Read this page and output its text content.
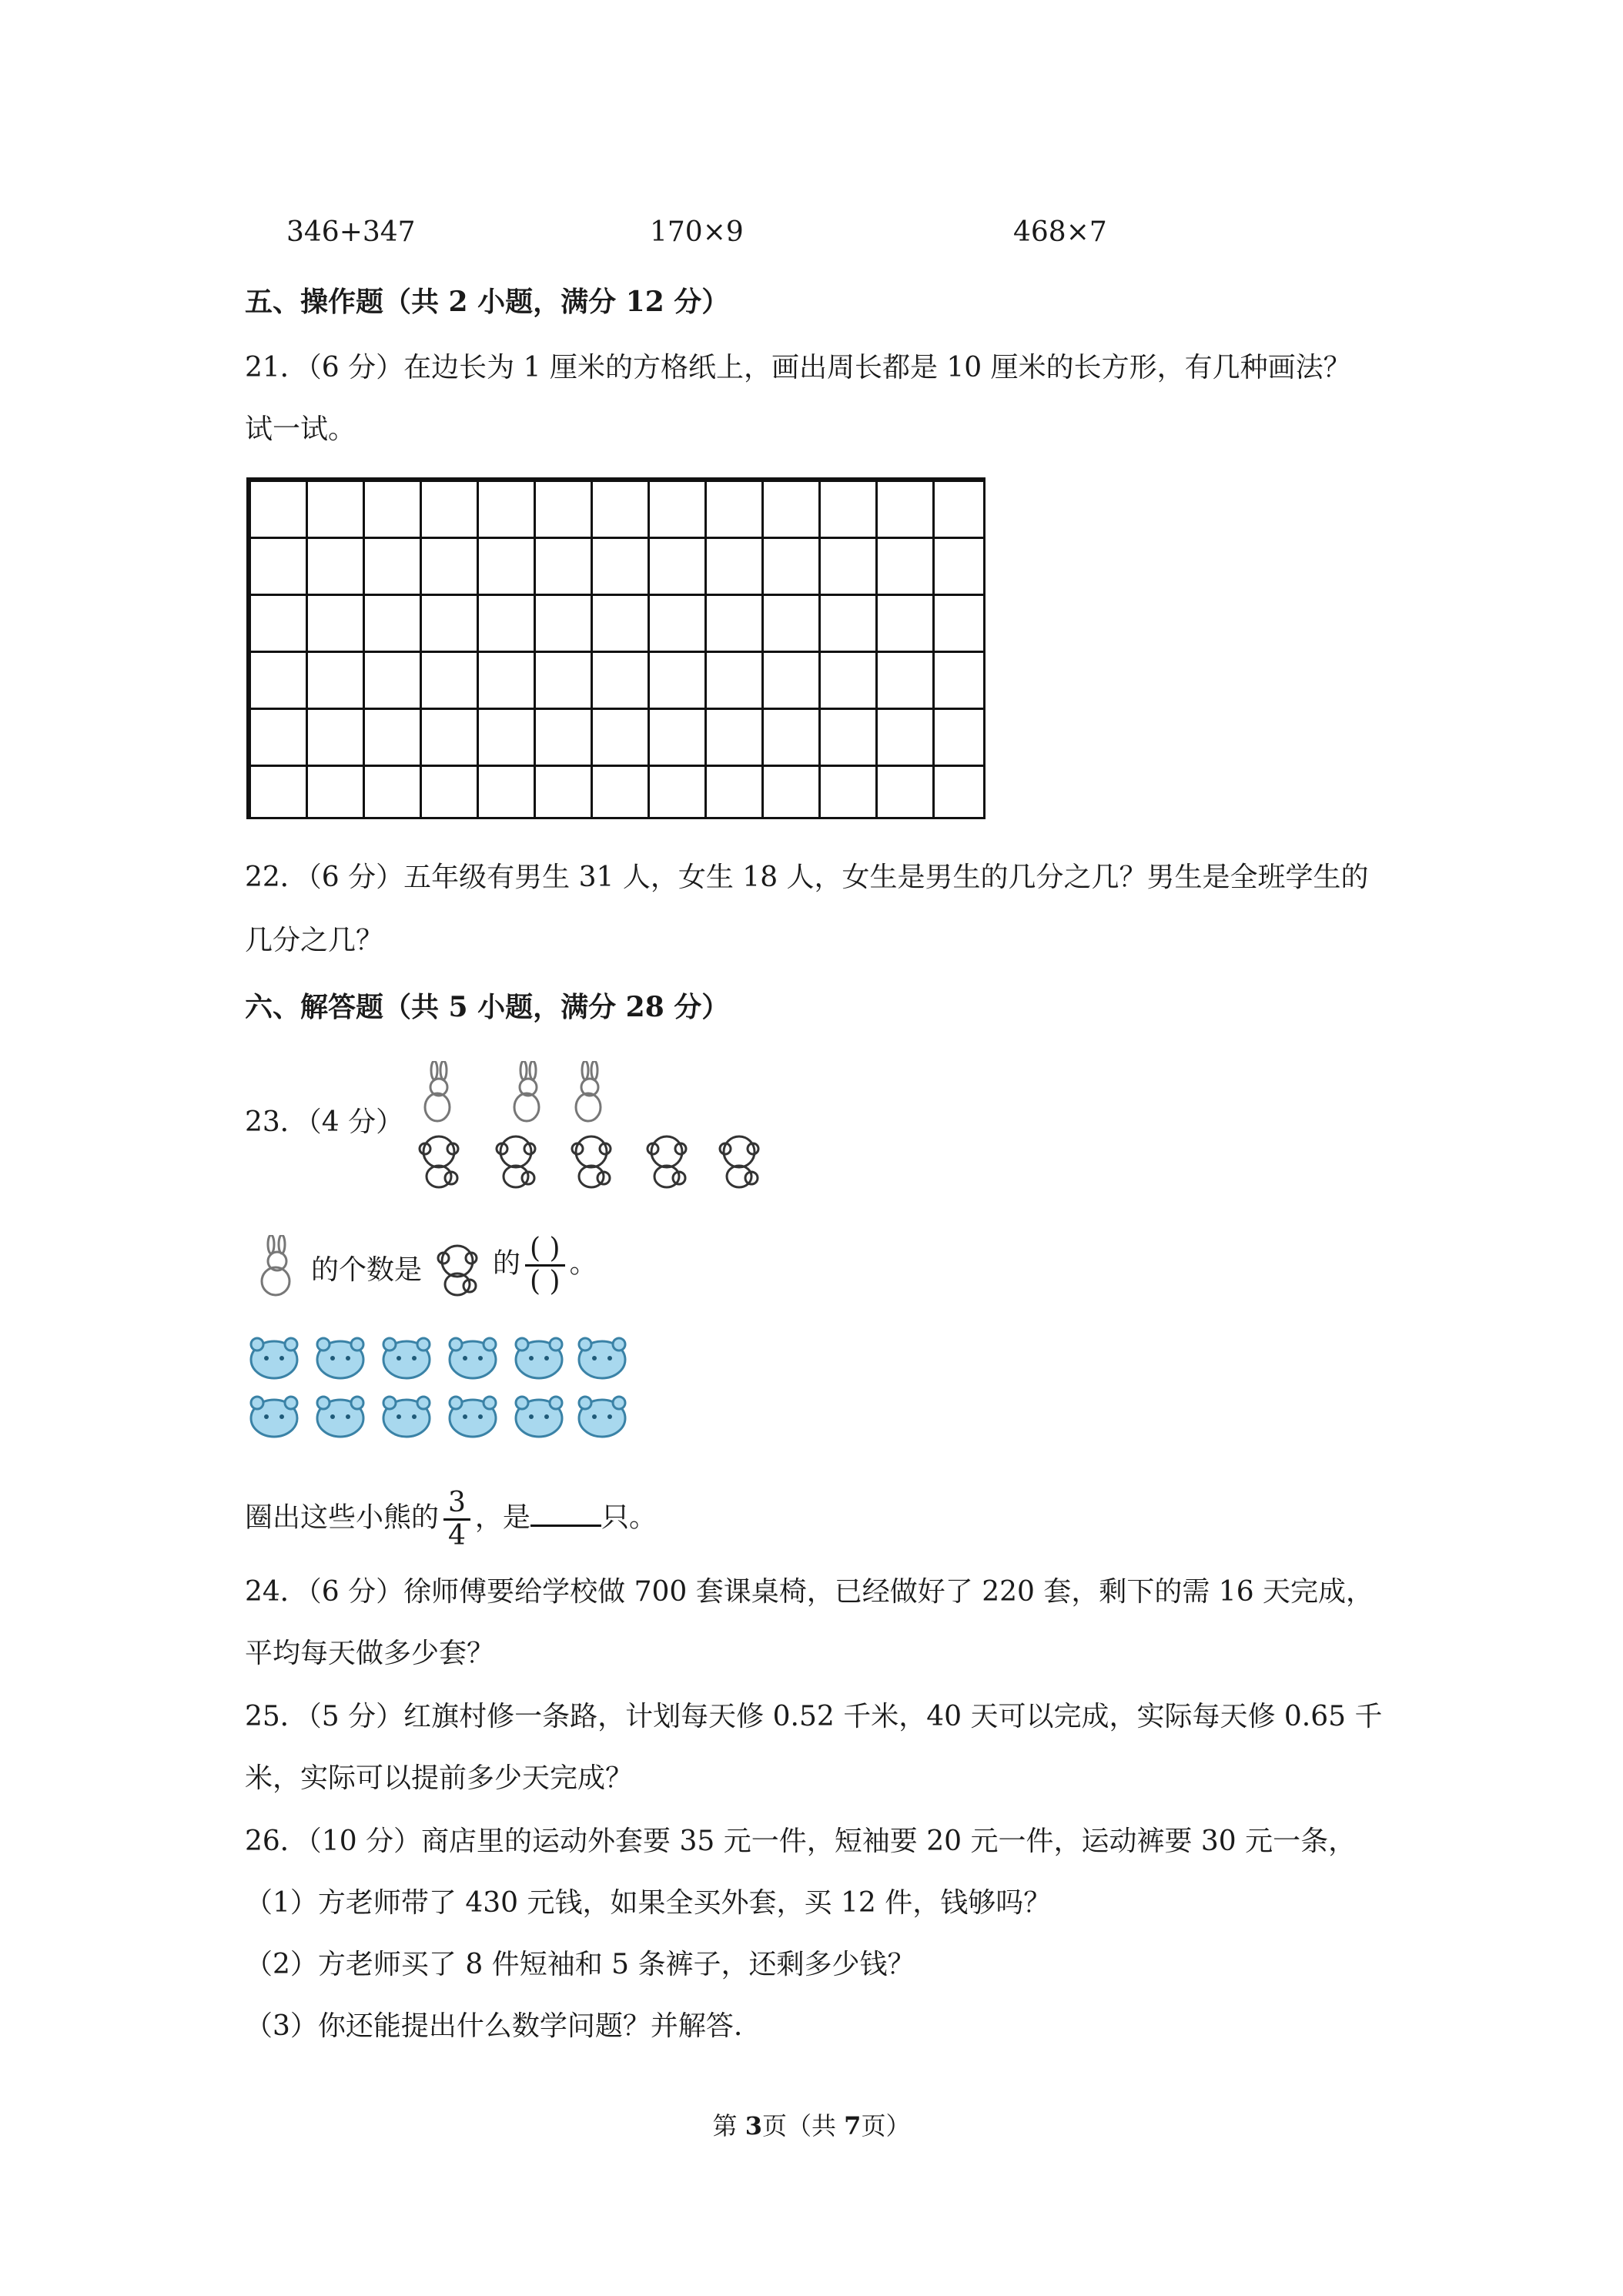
346+347	170×9	468×7
五、操作题（共 2 小题，满分 12 分）
21．（6 分）在边长为 1 厘米的方格纸上，画出周长都是 10 厘米的长方形，有几种画法？
试一试。
22．（6 分）五年级有男生 31 人，女生 18 人，女生是男生的几分之几？男生是全班学生的
几分之几？
六、解答题（共 5 小题，满分 28 分）
23．（4 分）
的个数是	的 $\frac{( )}{( )}$ 。
圈出这些小熊的 $\frac{3}{4}$ ，是	只。
24．（6 分）徐师傅要给学校做 700 套课桌椅，已经做好了 220 套，剩下的需 16 天完成，
平均每天做多少套？
25．（5 分）红旗村修一条路，计划每天修 0.52 千米，40 天可以完成，实际每天修 0.65 千
米，实际可以提前多少天完成？
26．（10 分）商店里的运动外套要 35 元一件，短袖要 20 元一件，运动裤要 30 元一条，
（1）方老师带了 430 元钱，如果全买外套，买 12 件，钱够吗？
（2）方老师买了 8 件短袖和 5 条裤子，还剩多少钱？
（3）你还能提出什么数学问题？并解答.
第 3页（共 7页）
